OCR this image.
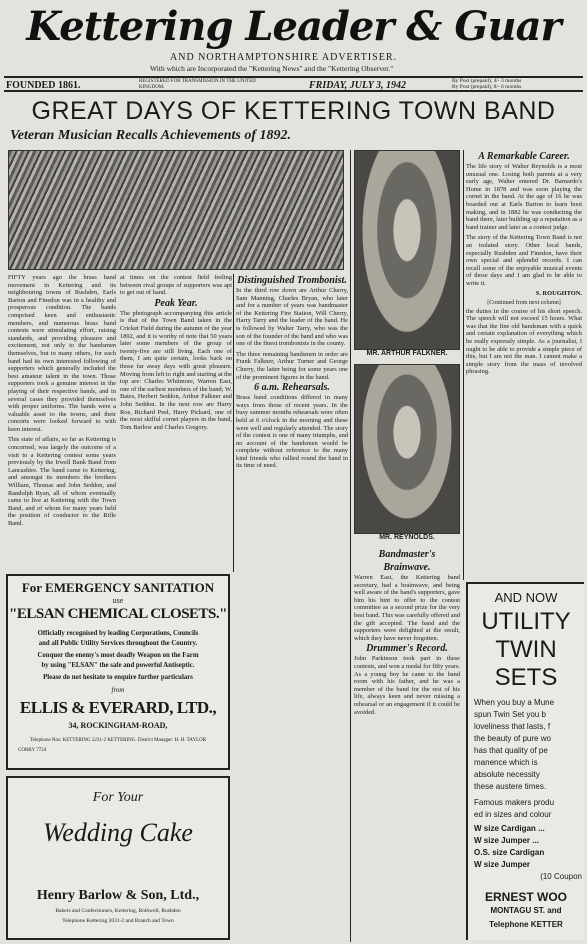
Kettering Leader & Guar
AND NORTHAMPTONSHIRE ADVERTISER.
With which are Incorporated the "Kettering News" and the "Kettering Observer."
FOUNDED 1861.	REGISTERED FOR TRANSMISSION IN THE UNITED KINGDOM.	FRIDAY, JULY 3, 1942	By Post (prepaid), 4/- 3 months
By Post (prepaid), 8/- 6 months
GREAT DAYS OF KETTERING TOWN BAND
Veteran Musician Recalls Achievements of 1892.

FIFTY years ago the brass band movement in Kettering and its neighbouring towns of Rushden, Earls Barton and Finedon was in a healthy and prosperous condition. The bands comprised keen and enthusiastic members, and numerous brass band contests were stimulating effort, raising standards, and providing pleasure and excitement, not only to the bandsmen themselves, but to many others, for each band had its own interested following of supporters which generally included the best amateur talent in the town. Those supporters took a genuine interest in the playing of their respective bands, and in several cases they provided themselves with proper uniforms. The bands were a valuable asset to the towns, and their concerts were looked forward to with keen interest.

This state of affairs, so far as Kettering is concerned, was largely the outcome of a visit to a Kettering contest some years previously by the Irwell Bank Band from Lancashire. The band came to Kettering, and amongst its members the brothers William, Thomas and John Seddon, and Randolph Ryan, all of whom eventually came to live at Kettering with the Town Band, and of whom for many years held the position of conductor to the Rifle Band.

at times on the contest field feeling between rival groups of supporters was apt to get out of hand.

Peak Year.

The photograph accompanying this article is that of the Town Band taken in the Cricket Field during the autumn of the year 1892, and it is worthy of note that 50 years later some members of the group of twenty-five are still living. Each one of them, I am quite certain, looks back on those far away days with great pleasure. Moving from left to right and starting at the top are: Charles Whitmore, Warren East, one of the earliest members of the band; W. Bates, Herbert Seddon, Arthur Falkner and John Seddon. In the next row are Harry Roe, Richard Peel, Harry Pickard, one of the most skilful cornet players in the band, Tom Barlow and Charles Gregory.

Distinguished Trombonist.

In the third row down are Arthur Cherry, Sam Manning, Charles Bryan, who later and for a number of years was bandmaster of the Kettering Fire Station, Will Cherry, Harry Tarry and the leader of the band. He is followed by Walter Tarry, who was the son of the founder of the band and who was one of the finest trombonists in the county.

The three remaining bandsmen in order are Frank Falkner, Arthur Turner and George Cherry, the latter being for some years one of the prominent figures in the band.

6 a.m. Rehearsals.

Brass band conditions differed in many ways from those of recent years. In the busy summer months rehearsals were often held at 6 o'clock in the morning and these were well and regularly attended. The story of the contest is one of many triumphs, and no account of the bandsmen would be complete without reference to the many kind friends who rallied round the band in its time of need.

MR. ARTHUR FALKNER.
MR. REYNOLDS.
Bandmaster's Brainwave.

Warren East, the Kettering band secretary, had a brainwave, and being well aware of the band's supporters, gave him his hint to offer to the contest committee as a second prize for the very best band. This was carefully offered and the gift accepted. The band and the supporters were delighted at the result, which they have never forgotten.

Drummer's Record.

John Parkinson took part in these contests, and won a medal for fifty years. As a young boy he came to the band room with his father, and he was a member of the band for the rest of his life, always keen and never missing a rehearsal or an engagement if it could be avoided.

A Remarkable Career.

The life story of Walter Reynolds is a most unusual one. Losing both parents at a very early age, Walter entered Dr. Barnardo's Home in 1878 and was soon playing the cornet in the band. At the age of 16 he was boarded out at Earls Barton to learn boot making, and in 1882 he was conducting the band there, later building up a reputation as a band trainer and later as a contest judge.

The story of the Kettering Town Band is not an isolated story. Other local bands, especially Rushden and Finedon, have their own special and splendid records. I can recall some of the enjoyable musical events of those days and I am glad to be able to write it.

S. ROUGHTON.
[Continued from next column]

the duties in the course of his short speech. The speech will not exceed 15 hours. What was that the fine old bandsman with a quick and certain explanation of everything which he really expressly simple. As a journalist, I ought to be able to provide a simple piece of this, but I am not the man. I cannot make a simple story from the mass of involved phrasing.

For EMERGENCY SANITATION
use
"ELSAN CHEMICAL CLOSETS."
Officially recognised by leading Corporations, Councils
and all Public Utility Services throughout the Country.
Conquer the enemy's most deadly Weapon on the Farm
by using "ELSAN" the safe and powerful Antiseptic.
Please do not hesitate to enquire further particulars
from
ELLIS & EVERARD, LTD.,
34, ROCKINGHAM-ROAD,
Telephone Nos: KETTERING 2231-2 KETTERING. District Manager: H. H. TAYLOR
CORBY 7724
For Your
Wedding Cake
Henry Barlow & Son, Ltd.,
Bakers and Confectioners, Kettering, Rothwell, Rushden
Telephone Kettering 2031-2 and Branch and Town
AND NOW
UTILITY
TWIN
SETS
When you buy a Mune
spun Twin Set you b
loveliness that lasts, f
the beauty of pure wo
has that quality of pe
manence which is
absolute necessity
these austere times.
Famous makers produ
ed in sizes and colour
W size Cardigan ...
W size Jumper ...
O.S. size Cardigan
W size Jumper
(10 Coupon
ERNEST WOO
MONTAGU ST. and
Telephone KETTER
